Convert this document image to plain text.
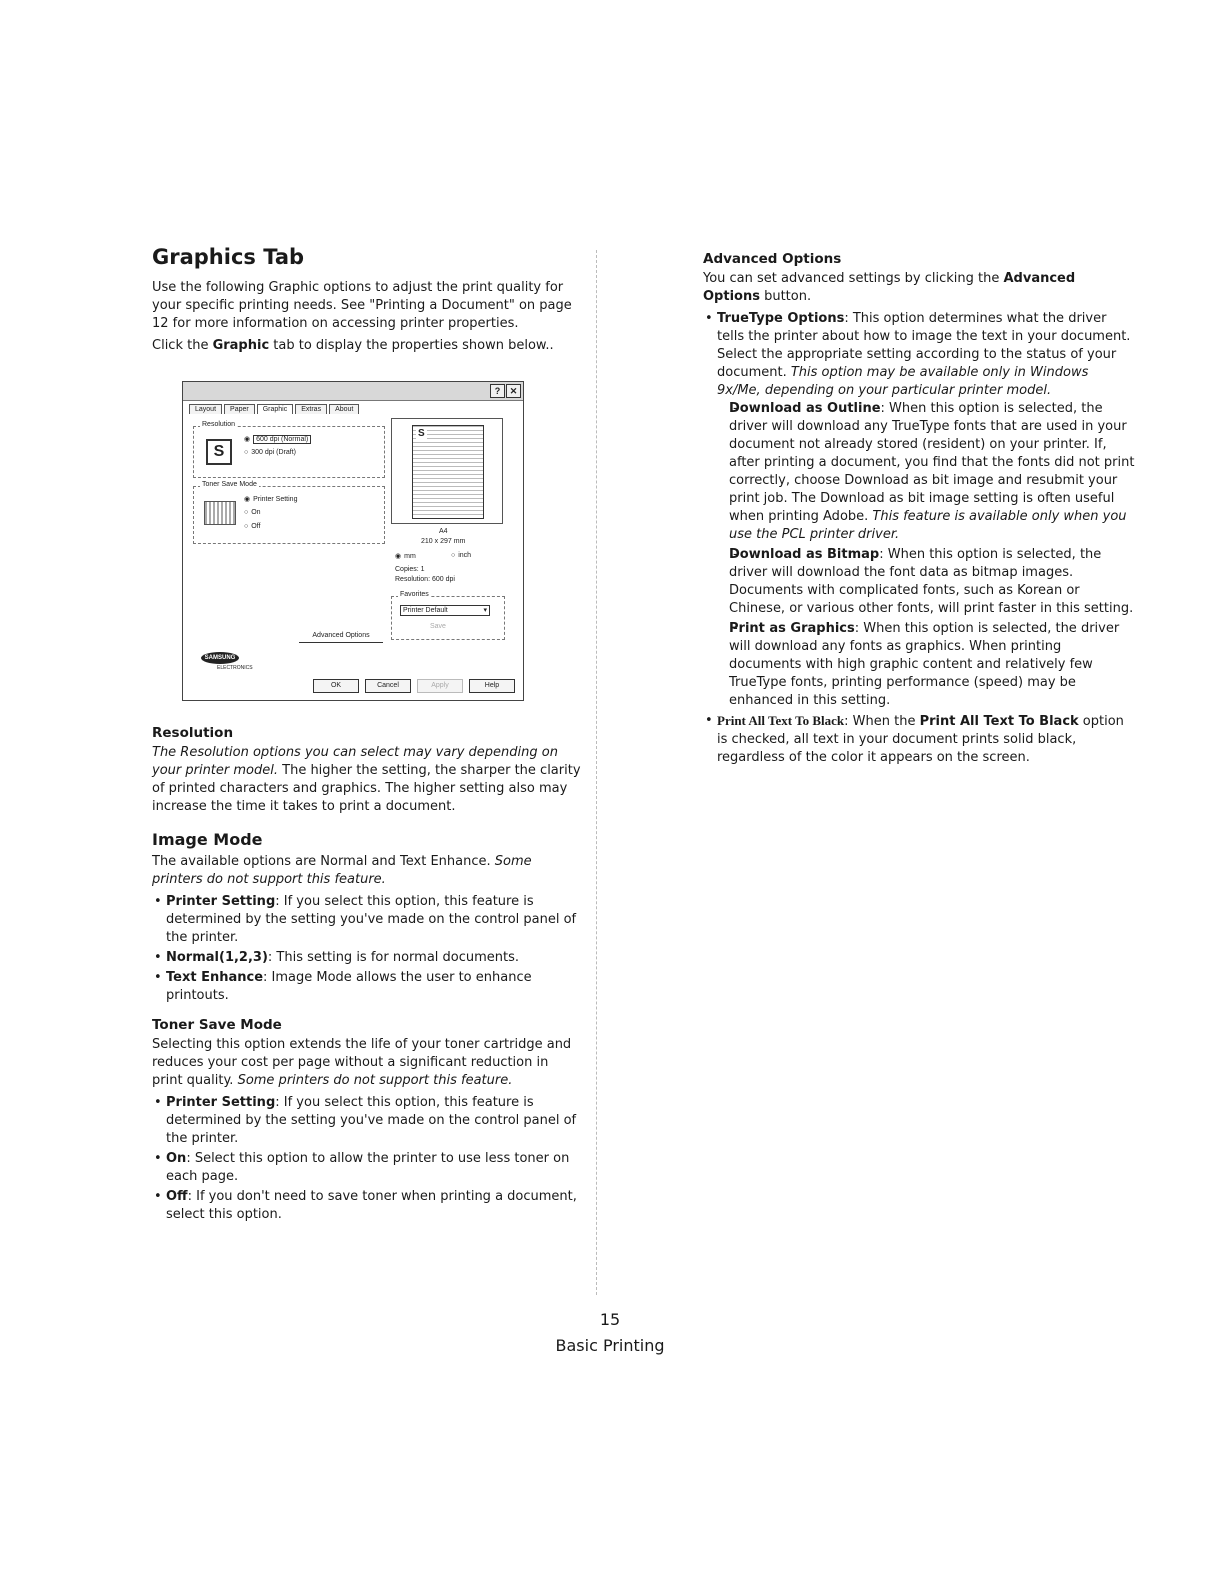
Graphics Tab

Use the following Graphic options to adjust the print quality for your specific printing needs. See "Printing a Document" on page 12 for more information on accessing printer properties.

Click the Graphic tab to display the properties shown below..

?	✕
Layout	Paper	Graphic	Extras	About
Resolution
S
◉ 600 dpi (Normal)
○ 300 dpi (Draft)
Toner Save Mode
◉ Printer Setting
○ On
○ Off
S
A4
210 x 297 mm
◉ mm
○	inch
Copies: 1
Resolution: 600 dpi
Favorites
Printer Default ▾
Save
Advanced Options
SAMSUNG
ELECTRONICS
OK	Cancel	Apply	Help
Resolution

The Resolution options you can select may vary depending on your printer model. The higher the setting, the sharper the clarity of printed characters and graphics. The higher setting also may increase the time it takes to print a document.

Image Mode

The available options are Normal and Text Enhance. Some printers do not support this feature.

• Printer Setting: If you select this option, this feature is determined by the setting you've made on the control panel of the printer.
• Normal(1,2,3): This setting is for normal documents.
• Text Enhance: Image Mode allows the user to enhance printouts.
Toner Save Mode

Selecting this option extends the life of your toner cartridge and reduces your cost per page without a significant reduction in print quality. Some printers do not support this feature.

• Printer Setting: If you select this option, this feature is determined by the setting you've made on the control panel of the printer.
• On: Select this option to allow the printer to use less toner on each page.
• Off: If you don't need to save toner when printing a document, select this option.
Advanced Options

You can set advanced settings by clicking the Advanced Options button.

• TrueType Options: This option determines what the driver tells the printer about how to image the text in your document. Select the appropriate setting according to the status of your document. This option may be available only in Windows 9x/Me, depending on your particular printer model.
- Download as Outline: When this option is selected, the driver will download any TrueType fonts that are used in your document not already stored (resident) on your printer. If, after printing a document, you find that the fonts did not print correctly, choose Download as bit image and resubmit your print job. The Download as bit image setting is often useful when printing Adobe. This feature is available only when you use the PCL printer driver.
- Download as Bitmap: When this option is selected, the driver will download the font data as bitmap images. Documents with complicated fonts, such as Korean or Chinese, or various other fonts, will print faster in this setting.
- Print as Graphics: When this option is selected, the driver will download any fonts as graphics. When printing documents with high graphic content and relatively few TrueType fonts, printing performance (speed) may be enhanced in this setting.
• Print All Text To Black: When the Print All Text To Black option is checked, all text in your document prints solid black, regardless of the color it appears on the screen.
15
Basic Printing
